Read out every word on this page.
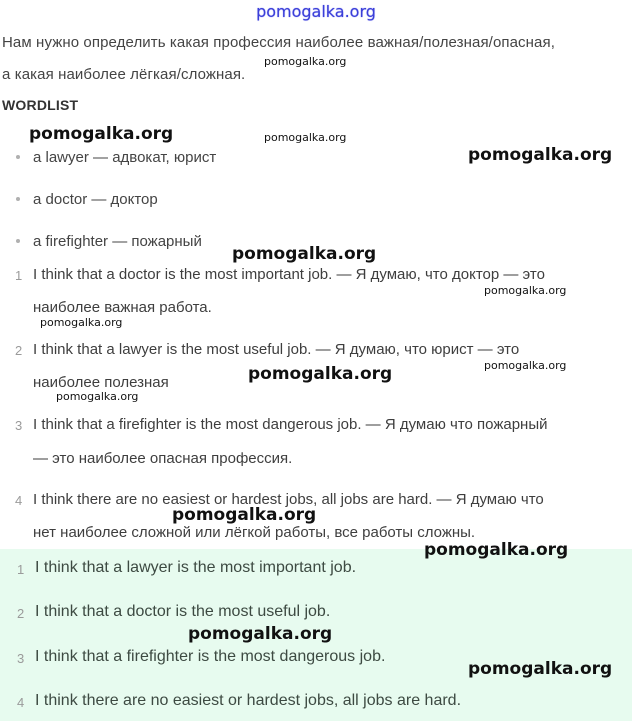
pomogalka.org
Нам нужно определить какая профессия наиболее важная/полезная/опасная,
а какая наиболее лёгкая/сложная.
WORDLIST
a lawyer — адвокат, юрист
a doctor — доктор
a firefighter — пожарный
1 I think that a doctor is the most important job. — Я думаю, что доктор — это
наиболее важная работа.
2 I think that a lawyer is the most useful job. — Я думаю, что юрист — это
наиболее полезная
3 I think that a firefighter is the most dangerous job. — Я думаю что пожарный
— это наиболее опасная профессия.
4 I think there are no easiest or hardest jobs, all jobs are hard. — Я думаю что
нет наиболее сложной или лёгкой работы, все работы сложны.
1 I think that a lawyer is the most important job.
2 I think that a doctor is the most useful job.
3 I think that a firefighter is the most dangerous job.
4 I think there are no easiest or hardest jobs, all jobs are hard.
pomogalka.org
pomogalka.org
pomogalka.org
pomogalka.org
pomogalka.org
pomogalka.org
pomogalka.org
pomogalka.org
pomogalka.org
pomogalka.org
pomogalka.org
pomogalka.org
pomogalka.org
pomogalka.org
